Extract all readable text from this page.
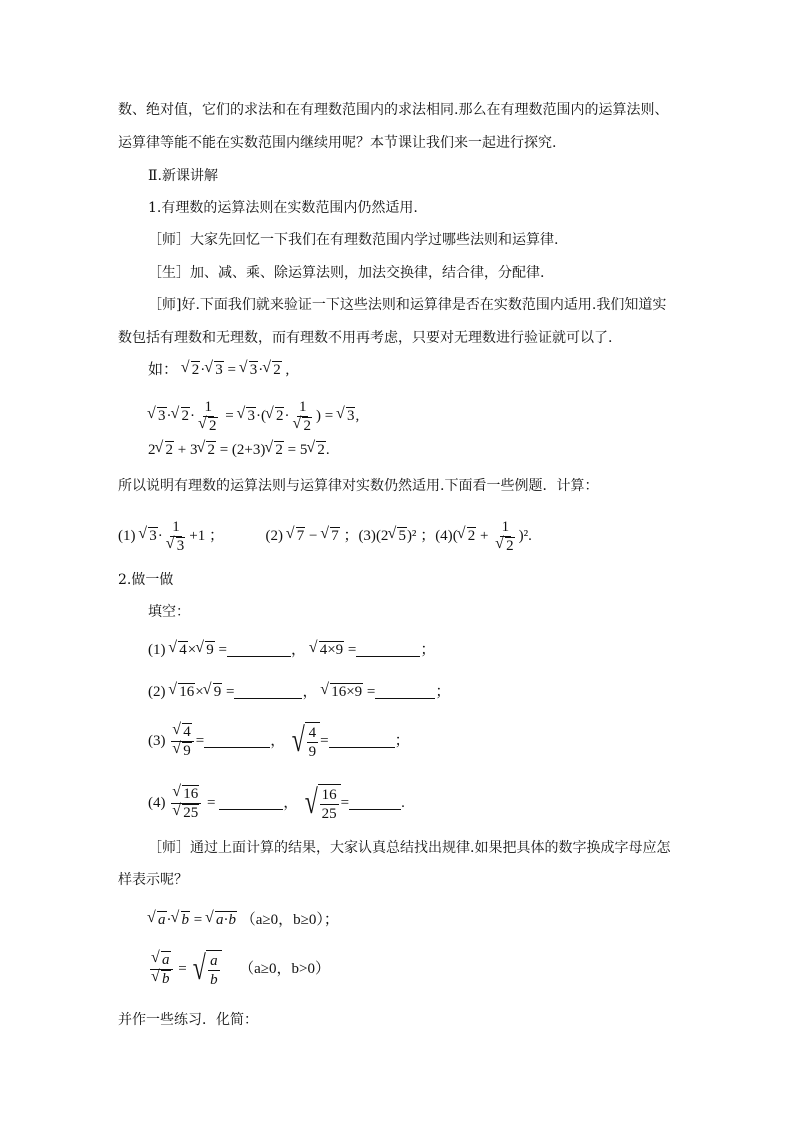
数、绝对值，它们的求法和在有理数范围内的求法相同.那么在有理数范围内的运算法则、
运算律等能不能在实数范围内继续用呢？本节课让我们来一起进行探究.
Ⅱ.新课讲解
1.有理数的运算法则在实数范围内仍然适用.
［师］大家先回忆一下我们在有理数范围内学过哪些法则和运算律.
［生］加、减、乘、除运算法则，加法交换律，结合律，分配律.
［师]好.下面我们就来验证一下这些法则和运算律是否在实数范围内适用.我们知道实
数包括有理数和无理数，而有理数不用再考虑，只要对无理数进行验证就可以了.
如： √ 2· √ 3 = √ 3· √ 2 ,
√ 3· √ 2· 1
√ 2 = √ 3·( √ 2· 1
√ 2 ) = √ 3,
2 √ 2 + 3 √ 2 = (2+3) √ 2 = 5 √ 2.
所以说明有理数的运算法则与运算律对实数仍然适用.下面看一些例题．计算：
(1) √ 3· 1
√ 3 +1 ；	(2) √ 7 − √ 7 ；(3)(2 √ 5)² ；(4)( √ 2 + 1
√ 2 )².
2.做一做
填空：
(1) √ 4× √ 9 =	， √ 4×9 =	；
(2) √ 16× √ 9 =	， √ 16×9 =	；
(3) √ 4
√ 9 =	， √ $\frac{4}{9}$ =	；
(4) √ 16
√ 25 =	， √ $\frac{16}{25}$ =	.
［师］通过上面计算的结果，大家认真总结找出规律.如果把具体的数字换成字母应怎
样表示呢？
√ a· √ b = √ a·b （a≥0，b≥0）；
√ a
√ b = √ $\frac{a}{b} (a\ge 0$，b>0）
并作一些练习．化简：
